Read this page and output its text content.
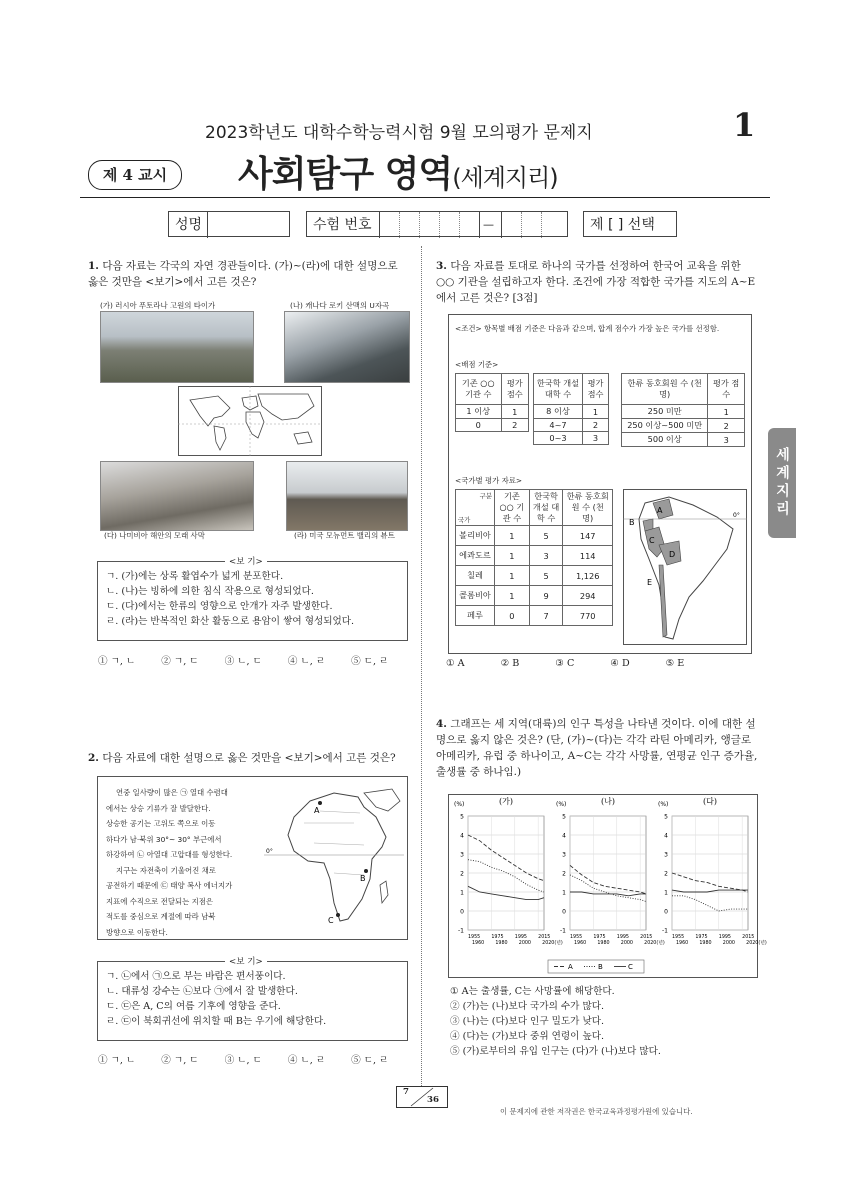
2023학년도 대학수학능력시험 9월 모의평가 문제지	1
제 4 교시	사회탐구 영역(세계지리)
성명	수험 번호	—	제 [ ] 선택
세계지리
1. 다음 자료는 각국의 자연 경관들이다. (가)~(라)에 대한 설명으로 옳은 것만을 <보기>에서 고른 것은?
(가) 러시아 푸토라나 고원의 타이가	(나) 캐나다 로키 산맥의 U자곡
(다) 나미비아 해안의 모래 사막	(라) 미국 모뉴먼트 밸리의 뷰트
ㄱ. (가)에는 상록 활엽수가 넓게 분포한다.
ㄴ. (나)는 빙하에 의한 침식 작용으로 형성되었다.
ㄷ. (다)에서는 한류의 영향으로 안개가 자주 발생한다.
ㄹ. (라)는 반복적인 화산 활동으로 용암이 쌓여 형성되었다.
<보 기>
① ㄱ, ㄴ	② ㄱ, ㄷ	③ ㄴ, ㄷ	④ ㄴ, ㄹ	⑤ ㄷ, ㄹ
2. 다음 자료에 대한 설명으로 옳은 것만을 <보기>에서 고른 것은?
연중 일사량이 많은 ㉠ 열대 수렴대
에서는 상승 기류가 잘 발달한다.
상승한 공기는 고위도 쪽으로 이동
하다가 남·북위 30°~ 30° 부근에서
하강하여 ㉡ 아열대 고압대를 형성한다.
지구는 자전축이 기울어진 채로
공전하기 때문에 ㉢ 태양 복사 에너지가
지표에 수직으로 전달되는 지점은
적도를 중심으로 계절에 따라 남북
방향으로 이동한다.
A
B
C
0°
ㄱ. ㉡에서 ㉠으로 부는 바람은 편서풍이다.
ㄴ. 대류성 강수는 ㉡보다 ㉠에서 잘 발생한다.
ㄷ. ㉢은 A, C의 여름 기후에 영향을 준다.
ㄹ. ㉢이 북회귀선에 위치할 때 B는 우기에 해당한다.
<보 기>
① ㄱ, ㄴ	② ㄱ, ㄷ	③ ㄴ, ㄷ	④ ㄴ, ㄹ	⑤ ㄷ, ㄹ
3. 다음 자료를 토대로 하나의 국가를 선정하여 한국어 교육을 위한 ○○ 기관을 설립하고자 한다. 조건에 가장 적합한 국가를 지도의 A~E에서 고른 것은? [3점]
<조건> 항목별 배점 기준은 다음과 같으며, 합계 점수가 가장 높은 국가를 선정함.
<배점 기준>
기존 ○○ 기관 수	평가 점수
1 이상	1
0	2
한국학 개설 대학 수	평가 점수
8 이상	1
4~7	2
0~3	3
한류 동호회원 수 (천 명)	평가 점수
250 미만	1
250 이상~500 미만	2
500 이상	3
<국가별 평가 자료>
구분
국가	기존 ○○ 기관 수	한국학 개설 대학 수	한류 동호회원 수 (천 명)
볼리비아	1	5	147
에콰도르	1	3	114
칠레	1	5	1,126
콜롬비아	1	9	294
페루	0	7	770
A
B
C
D
E
0°
① A	② B	③ C	④ D	⑤ E
4. 그래프는 세 지역(대륙)의 인구 특성을 나타낸 것이다. 이에 대한 설명으로 옳지 않은 것은? (단, (가)~(다)는 각각 라틴 아메리카, 앵글로아메리카, 유럽 중 하나이고, A~C는 각각 사망률, 연평균 인구 증가율, 출생률 중 하나임.)
-1
0
1
2
3
4
5
(%)	(가)
1955 1975 1995 2015
1960 1980 2000 2020(년)
-1
0
1
2
3
4
5
(%)	(나)
1955 1975 1995 2015
1960 1980 2000 2020(년)
-1
0
1
2
3
4
5
(%)	(다)
1955 1975 1995 2015
1960 1980 2000 2020(년)
A	B	C
① A는 출생률, C는 사망률에 해당한다.
② (가)는 (나)보다 국가의 수가 많다.
③ (나)는 (다)보다 인구 밀도가 낮다.
④ (다)는 (가)보다 중위 연령이 높다.
⑤ (가)로부터의 유입 인구는 (다)가 (나)보다 많다.
7
36
이 문제지에 관한 저작권은 한국교육과정평가원에 있습니다.
